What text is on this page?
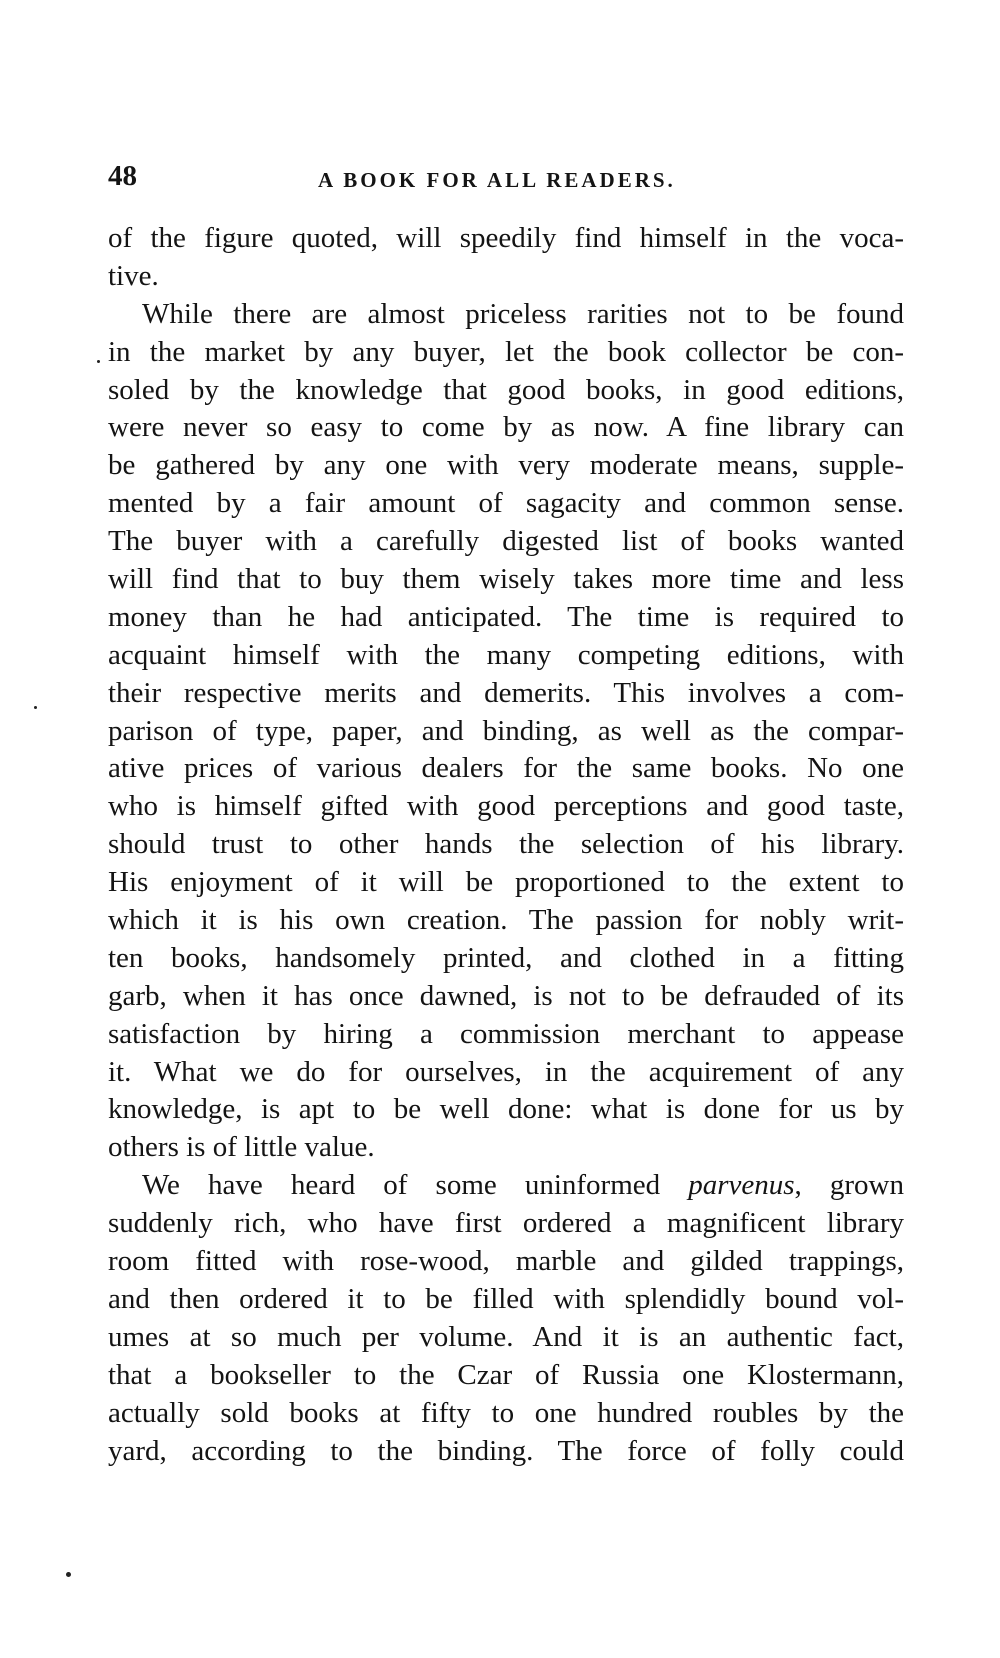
48	A BOOK FOR ALL READERS.
of the figure quoted, will speedily find himself in the voca-
tive.
While there are almost priceless rarities not to be found
in the market by any buyer, let the book collector be con-
soled by the knowledge that good books, in good editions,
were never so easy to come by as now. A fine library can
be gathered by any one with very moderate means, supple-
mented by a fair amount of sagacity and common sense.
The buyer with a carefully digested list of books wanted
will find that to buy them wisely takes more time and less
money than he had anticipated. The time is required to
acquaint himself with the many competing editions, with
their respective merits and demerits. This involves a com-
parison of type, paper, and binding, as well as the compar-
ative prices of various dealers for the same books. No one
who is himself gifted with good perceptions and good taste,
should trust to other hands the selection of his library.
His enjoyment of it will be proportioned to the extent to
which it is his own creation. The passion for nobly writ-
ten books, handsomely printed, and clothed in a fitting
garb, when it has once dawned, is not to be defrauded of its
satisfaction by hiring a commission merchant to appease
it. What we do for ourselves, in the acquirement of any
knowledge, is apt to be well done: what is done for us by
others is of little value.
We have heard of some uninformed parvenus, grown
suddenly rich, who have first ordered a magnificent library
room fitted with rose-wood, marble and gilded trappings,
and then ordered it to be filled with splendidly bound vol-
umes at so much per volume. And it is an authentic fact,
that a bookseller to the Czar of Russia one Klostermann,
actually sold books at fifty to one hundred roubles by the
yard, according to the binding. The force of folly could
